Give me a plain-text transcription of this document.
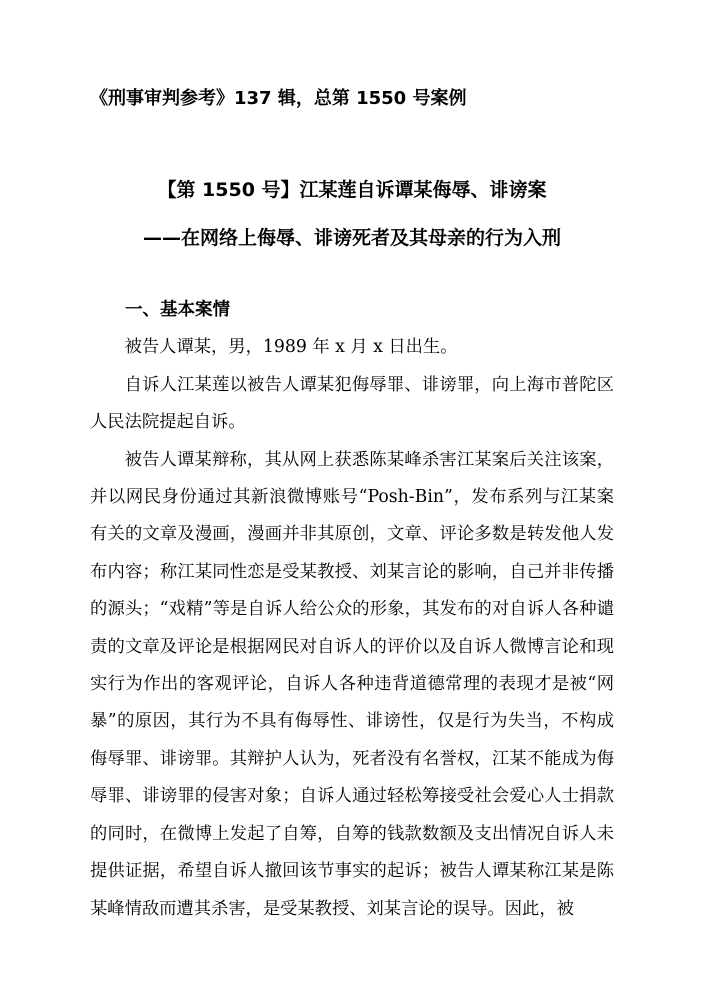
《刑事审判参考》137 辑，总第 1550 号案例

【第 1550 号】江某莲自诉谭某侮辱、诽谤案

——在网络上侮辱、诽谤死者及其母亲的行为入刑

一、基本案情

被告人谭某，男，1989 年 x 月 x 日出生。

自诉人江某莲以被告人谭某犯侮辱罪、诽谤罪，向上海市普陀区人民法院提起自诉。

被告人谭某辩称，其从网上获悉陈某峰杀害江某案后关注该案，并以网民身份通过其新浪微博账号“Posh-Bin”，发布系列与江某案有关的文章及漫画，漫画并非其原创，文章、评论多数是转发他人发布内容；称江某同性恋是受某教授、刘某言论的影响，自己并非传播的源头；“戏精”等是自诉人给公众的形象，其发布的对自诉人各种谴责的文章及评论是根据网民对自诉人的评价以及自诉人微博言论和现实行为作出的客观评论，自诉人各种违背道德常理的表现才是被“网暴”的原因，其行为不具有侮辱性、诽谤性，仅是行为失当，不构成侮辱罪、诽谤罪。其辩护人认为，死者没有名誉权，江某不能成为侮辱罪、诽谤罪的侵害对象；自诉人通过轻松筹接受社会爱心人士捐款的同时，在微博上发起了自筹，自筹的钱款数额及支出情况自诉人未提供证据，希望自诉人撤回该节事实的起诉；被告人谭某称江某是陈某峰情敌而遭其杀害，是受某教授、刘某言论的误导。因此，被
